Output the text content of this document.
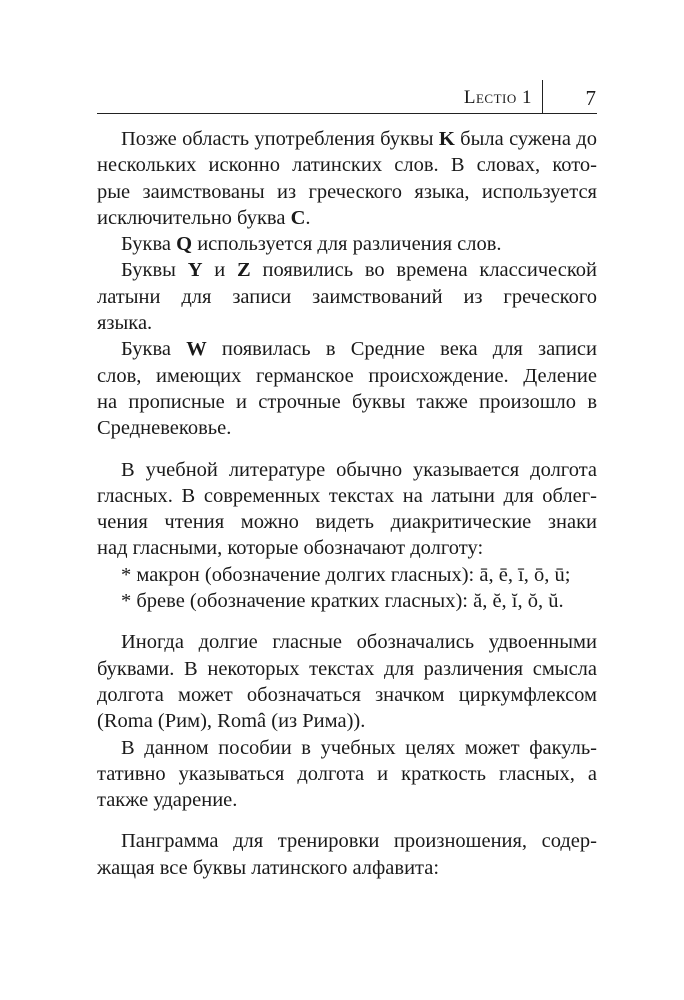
Lectio 1	7
Позже область употребления буквы K была сужена до
нескольких исконно латинских слов. В словах, кото-
рые заимствованы из греческого языка, используется
исключительно буква C.
Буква Q используется для различения слов.
Буквы Y и Z появились во времена классической
латыни для записи заимствований из греческого
языка.
Буква W появилась в Средние века для записи
слов, имеющих германское происхождение. Деление
на прописные и строчные буквы также произошло в
Средневековье.
В учебной литературе обычно указывается долгота
гласных. В современных текстах на латыни для облег-
чения чтения можно видеть диакритические знаки
над гласными, которые обозначают долготу:
* макрон (обозначение долгих гласных): ā, ē, ī, ō, ū;
* бреве (обозначение кратких гласных): ă, ĕ, ĭ, ŏ, ŭ.
Иногда долгие гласные обозначались удвоенными
буквами. В некоторых текстах для различения смысла
долгота может обозначаться значком циркумфлексом
(Roma (Рим), Româ (из Рима)).
В данном пособии в учебных целях может факуль-
тативно указываться долгота и краткость гласных, а
также ударение.
Панграмма для тренировки произношения, содер-
жащая все буквы латинского алфавита:
